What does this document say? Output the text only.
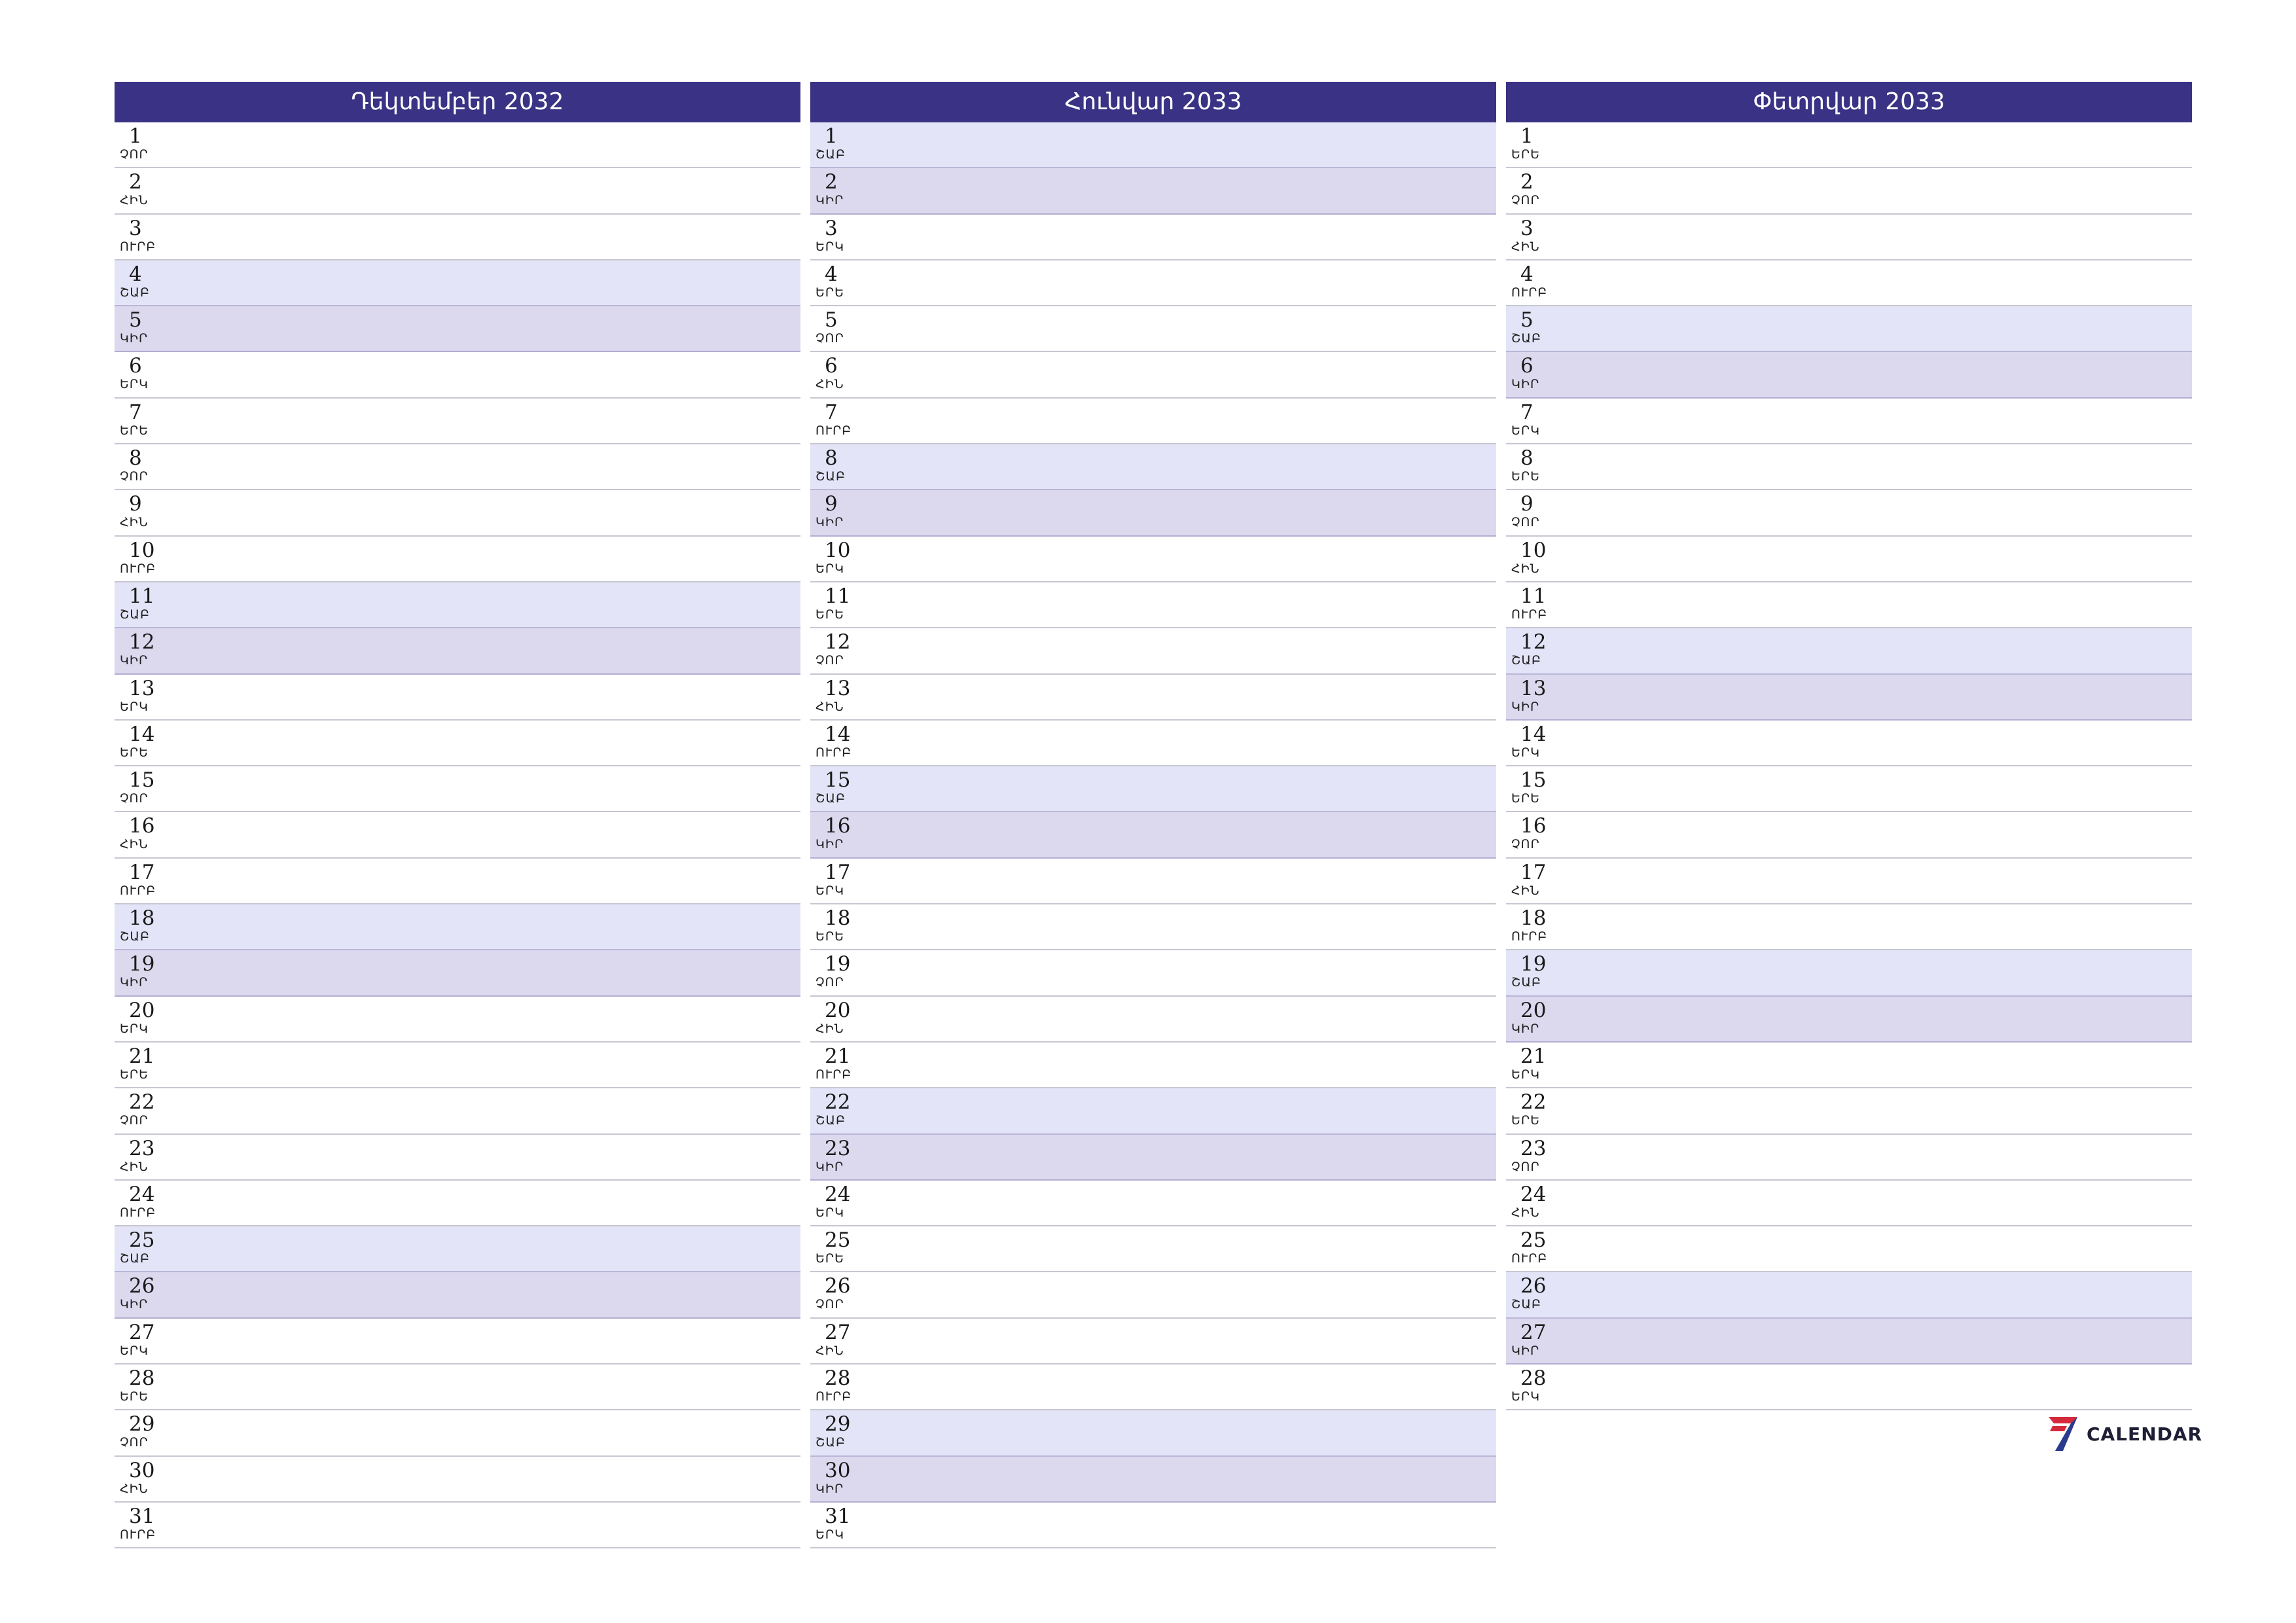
Դեկտեմբեր 2032
1
ՉՈՐ
2
ՀԻՆ
3
ՈՒՐԲ
4
ՇԱԲ
5
ԿԻՐ
6
ԵՐԿ
7
ԵՐԵ
8
ՉՈՐ
9
ՀԻՆ
10
ՈՒՐԲ
11
ՇԱԲ
12
ԿԻՐ
13
ԵՐԿ
14
ԵՐԵ
15
ՉՈՐ
16
ՀԻՆ
17
ՈՒՐԲ
18
ՇԱԲ
19
ԿԻՐ
20
ԵՐԿ
21
ԵՐԵ
22
ՉՈՐ
23
ՀԻՆ
24
ՈՒՐԲ
25
ՇԱԲ
26
ԿԻՐ
27
ԵՐԿ
28
ԵՐԵ
29
ՉՈՐ
30
ՀԻՆ
31
ՈՒՐԲ
Հունվար 2033
1
ՇԱԲ
2
ԿԻՐ
3
ԵՐԿ
4
ԵՐԵ
5
ՉՈՐ
6
ՀԻՆ
7
ՈՒՐԲ
8
ՇԱԲ
9
ԿԻՐ
10
ԵՐԿ
11
ԵՐԵ
12
ՉՈՐ
13
ՀԻՆ
14
ՈՒՐԲ
15
ՇԱԲ
16
ԿԻՐ
17
ԵՐԿ
18
ԵՐԵ
19
ՉՈՐ
20
ՀԻՆ
21
ՈՒՐԲ
22
ՇԱԲ
23
ԿԻՐ
24
ԵՐԿ
25
ԵՐԵ
26
ՉՈՐ
27
ՀԻՆ
28
ՈՒՐԲ
29
ՇԱԲ
30
ԿԻՐ
31
ԵՐԿ
Փետրվար 2033
1
ԵՐԵ
2
ՉՈՐ
3
ՀԻՆ
4
ՈՒՐԲ
5
ՇԱԲ
6
ԿԻՐ
7
ԵՐԿ
8
ԵՐԵ
9
ՉՈՐ
10
ՀԻՆ
11
ՈՒՐԲ
12
ՇԱԲ
13
ԿԻՐ
14
ԵՐԿ
15
ԵՐԵ
16
ՉՈՐ
17
ՀԻՆ
18
ՈՒՐԲ
19
ՇԱԲ
20
ԿԻՐ
21
ԵՐԿ
22
ԵՐԵ
23
ՉՈՐ
24
ՀԻՆ
25
ՈՒՐԲ
26
ՇԱԲ
27
ԿԻՐ
28
ԵՐԿ
CALENDAR
